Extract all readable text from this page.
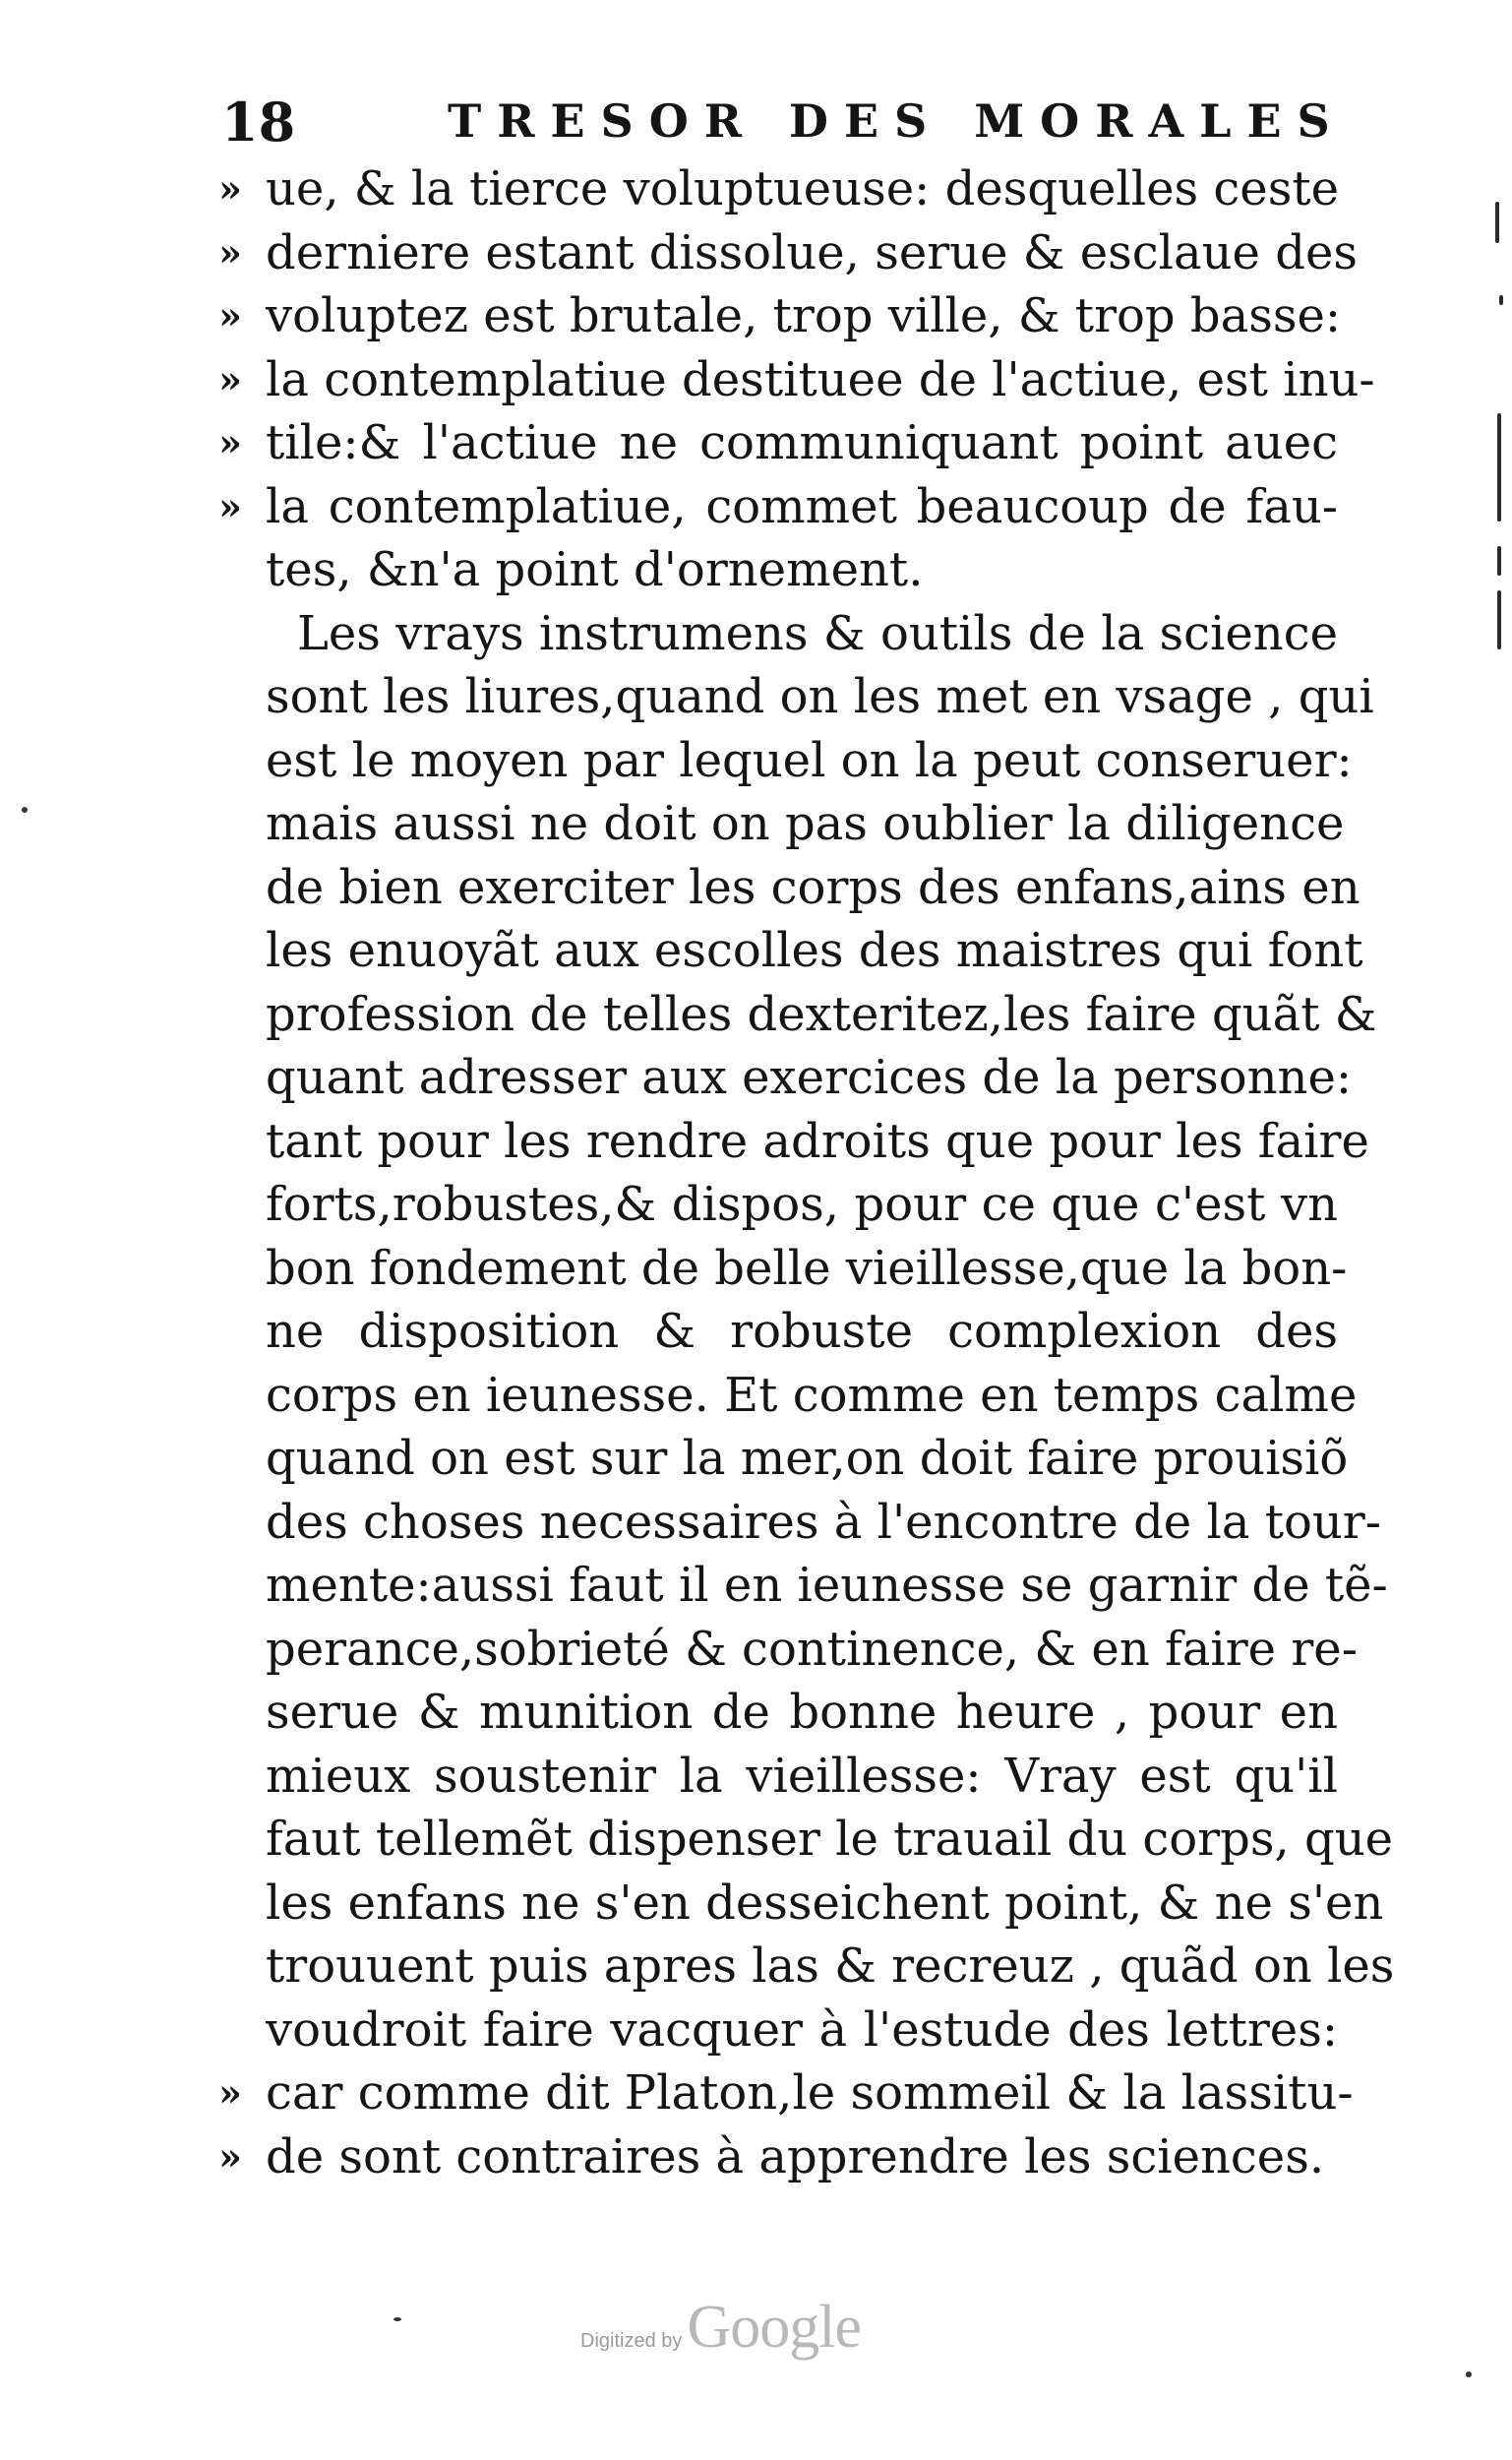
18	TRESOR DES MORALES
» ue, & la tierce voluptueuse: desquelles ceste
» derniere estant dissolue, serue & esclaue des
» voluptez est brutale, trop ville, & trop basse:
» la contemplatiue destituee de l'actiue, est inu-
» tile:& l'actiue ne communiquant point auec
» la contemplatiue, commet beaucoup de fau-
tes, &n'a point d'ornement.
Les vrays instrumens & outils de la science
sont les liures,quand on les met en vsage , qui
est le moyen par lequel on la peut conseruer:
mais aussi ne doit on pas oublier la diligence
de bien exerciter les corps des enfans,ains en
les enuoyãt aux escolles des maistres qui font
profession de telles dexteritez,les faire quãt &
quant adresser aux exercices de la personne:
tant pour les rendre adroits que pour les faire
forts,robustes,& dispos, pour ce que c'est vn
bon fondement de belle vieillesse,que la bon-
ne disposition & robuste complexion des
corps en ieunesse. Et comme en temps calme
quand on est sur la mer,on doit faire prouisiõ
des choses necessaires à l'encontre de la tour-
mente:aussi faut il en ieunesse se garnir de tẽ-
perance,sobrieté & continence, & en faire re-
serue & munition de bonne heure , pour en
mieux soustenir la vieillesse: Vray est qu'il
faut tellemẽt dispenser le trauail du corps, que
les enfans ne s'en desseichent point, & ne s'en
trouuent puis apres las & recreuz , quãd on les
voudroit faire vacquer à l'estude des lettres:
» car comme dit Platon,le sommeil & la lassitu-
» de sont contraires à apprendre les sciences.
Digitized by Google
